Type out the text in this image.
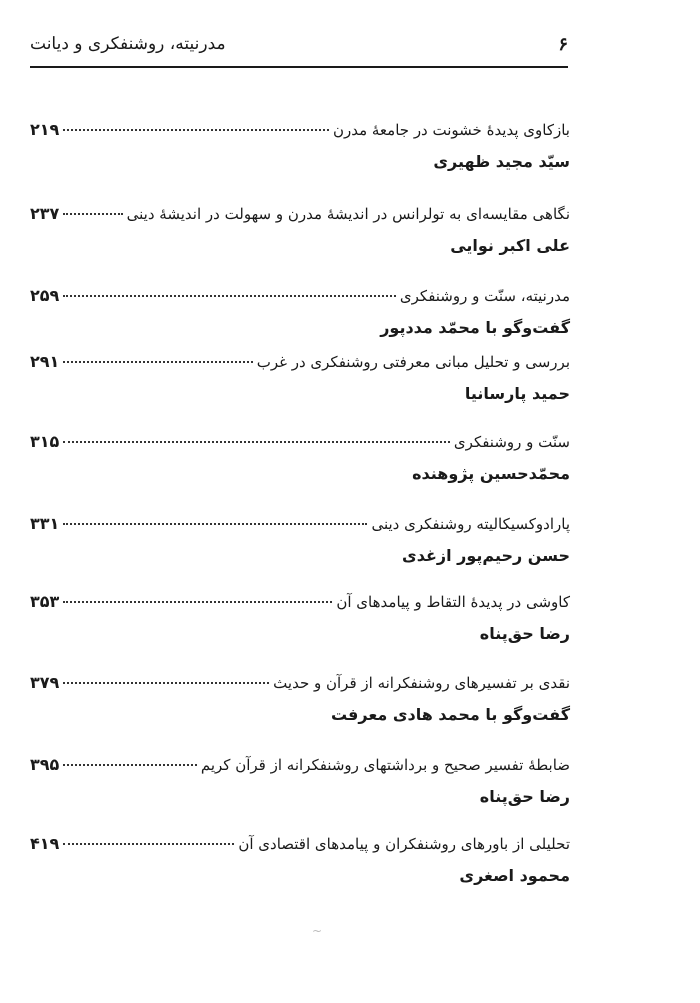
۶
مدرنیته، روشنفکری و دیانت
بازکاوی پدیدهٔ خشونت در جامعهٔ مدرن
۲۱۹
سیّد مجید ظهیری
نگاهی مقایسه‌ای به تولرانس در اندیشهٔ مدرن و سهولت در اندیشهٔ دینی
۲۳۷
علی اکبر نوایی
مدرنیته، سنّت و روشنفکری
۲۵۹
گفت‌وگو با محمّد مددپور
بررسی و تحلیل مبانی معرفتی روشنفکری در غرب
۲۹۱
حمید پارسانیا
سنّت و روشنفکری
۳۱۵
محمّدحسین پژوهنده
پارادوکسیکالیته روشنفکری دینی
۳۳۱
حسن رحیم‌پور ازغدی
کاوشی در پدیدهٔ التقاط و پیامدهای آن
۳۵۳
رضا حق‌پناه
نقدی بر تفسیرهای روشنفکرانه از قرآن و حدیث
۳۷۹
گفت‌وگو با محمد هادی معرفت
ضابطهٔ تفسیر صحیح و برداشتهای روشنفکرانه از قرآن کریم
۳۹۵
رضا حق‌پناه
تحلیلی از باورهای روشنفکران و پیامدهای اقتصادی آن
۴۱۹
محمود اصغری
~
